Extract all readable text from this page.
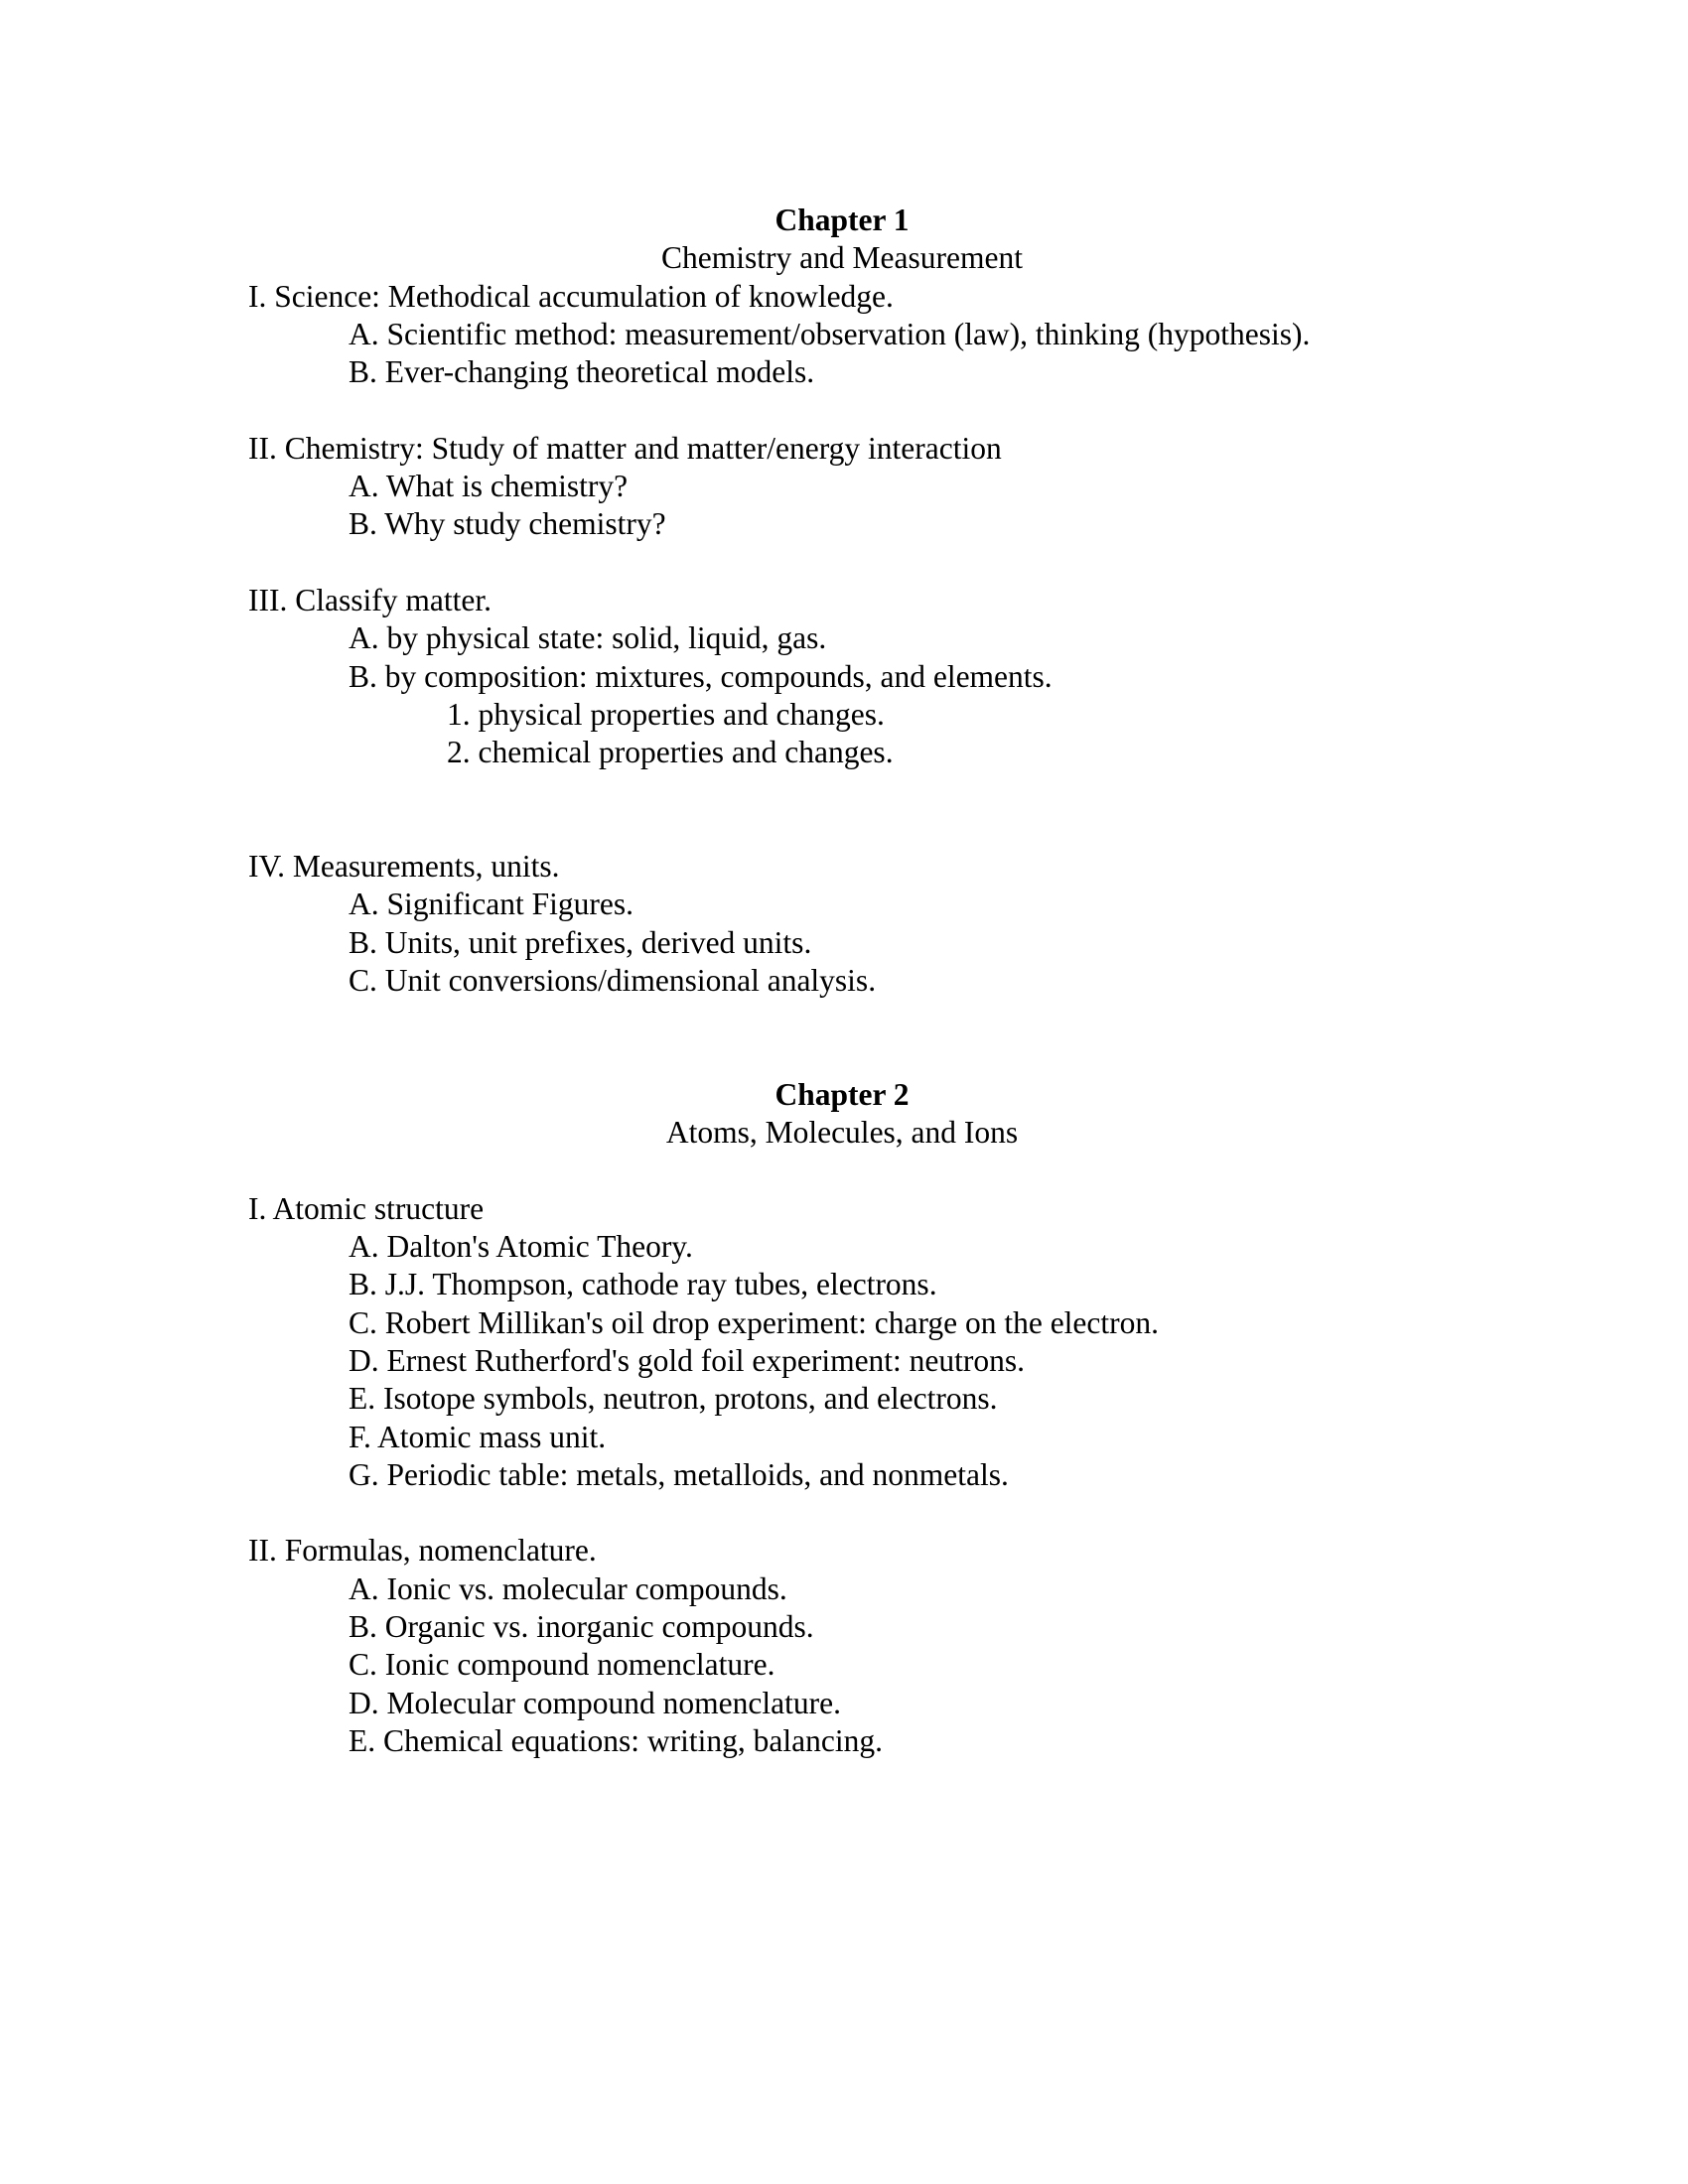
Chapter 1
Chemistry and Measurement
I. Science: Methodical accumulation of knowledge.
A. Scientific method: measurement/observation (law), thinking (hypothesis).
B. Ever-changing theoretical models.
II. Chemistry: Study of matter and matter/energy interaction
A. What is chemistry?
B. Why study chemistry?
III. Classify matter.
A. by physical state: solid, liquid, gas.
B. by composition: mixtures, compounds, and elements.
1. physical properties and changes.
2. chemical properties and changes.
IV. Measurements, units.
A. Significant Figures.
B. Units, unit prefixes, derived units.
C. Unit conversions/dimensional analysis.
Chapter 2
Atoms, Molecules, and Ions
I. Atomic structure
A. Dalton's Atomic Theory.
B. J.J. Thompson, cathode ray tubes, electrons.
C. Robert Millikan's oil drop experiment: charge on the electron.
D. Ernest Rutherford's gold foil experiment: neutrons.
E. Isotope symbols, neutron, protons, and electrons.
F. Atomic mass unit.
G. Periodic table: metals, metalloids, and nonmetals.
II. Formulas, nomenclature.
A. Ionic vs. molecular compounds.
B. Organic vs. inorganic compounds.
C. Ionic compound nomenclature.
D. Molecular compound nomenclature.
E. Chemical equations: writing, balancing.
